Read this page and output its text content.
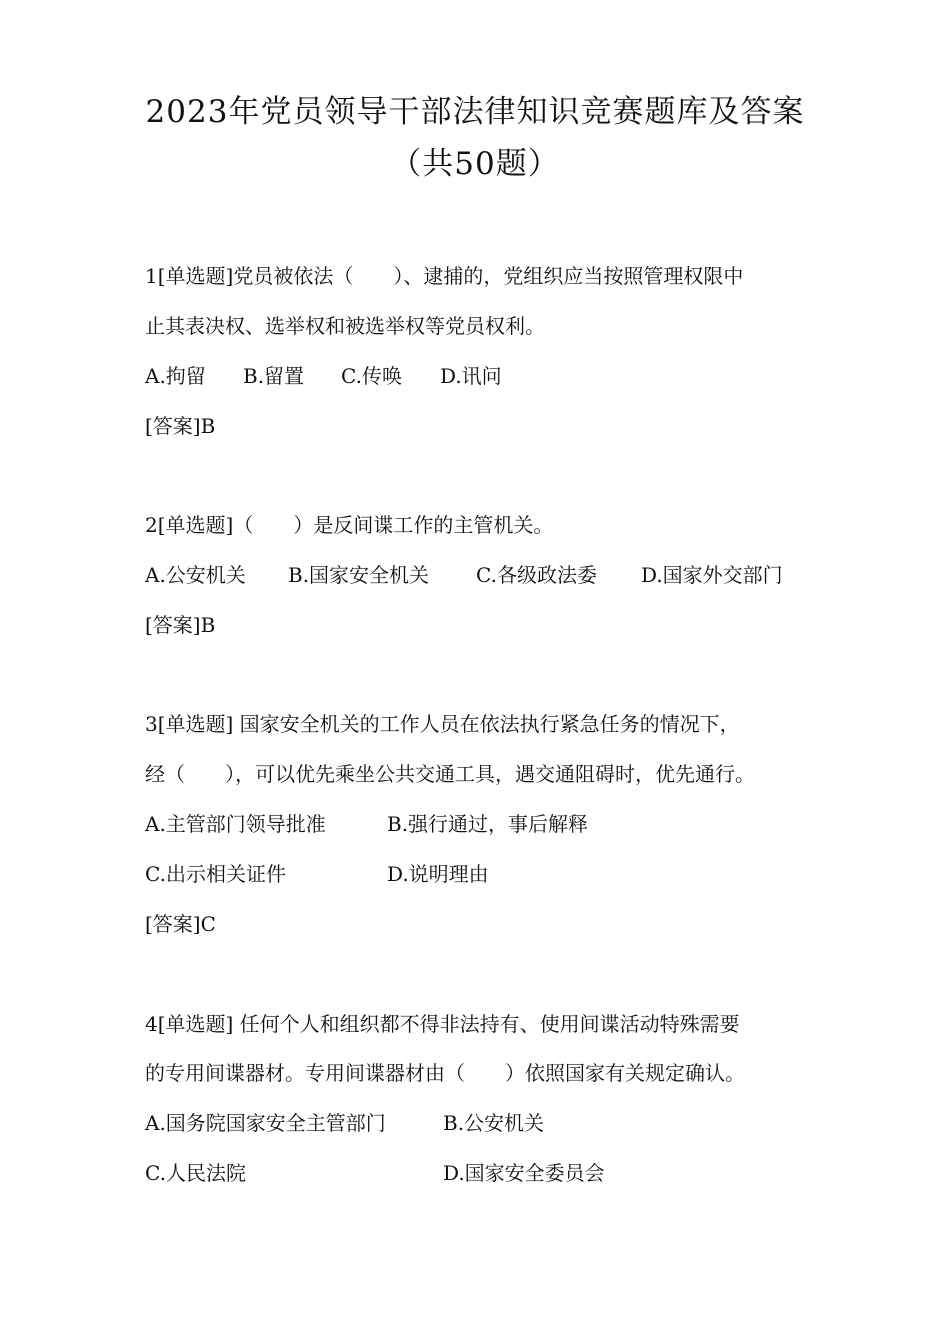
2023年党员领导干部法律知识竞赛题库及答案
（共50题）
1[单选题]党员被依法（　　）、逮捕的，党组织应当按照管理权限中
止其表决权、选举权和被选举权等党员权利。
A.拘留 B.留置 C.传唤 D.讯问
[答案]B
2[单选题]（　　）是反间谍工作的主管机关。
A.公安机关 B.国家安全机关 C.各级政法委 D.国家外交部门
[答案]B
3[单选题] 国家安全机关的工作人员在依法执行紧急任务的情况下，
经（　　），可以优先乘坐公共交通工具，遇交通阻碍时，优先通行。
A.主管部门领导批准	B.强行通过，事后解释
C.出示相关证件	D.说明理由
[答案]C
4[单选题] 任何个人和组织都不得非法持有、使用间谍活动特殊需要
的专用间谍器材。专用间谍器材由（　　）依照国家有关规定确认。
A.国务院国家安全主管部门	B.公安机关
C.人民法院	D.国家安全委员会
